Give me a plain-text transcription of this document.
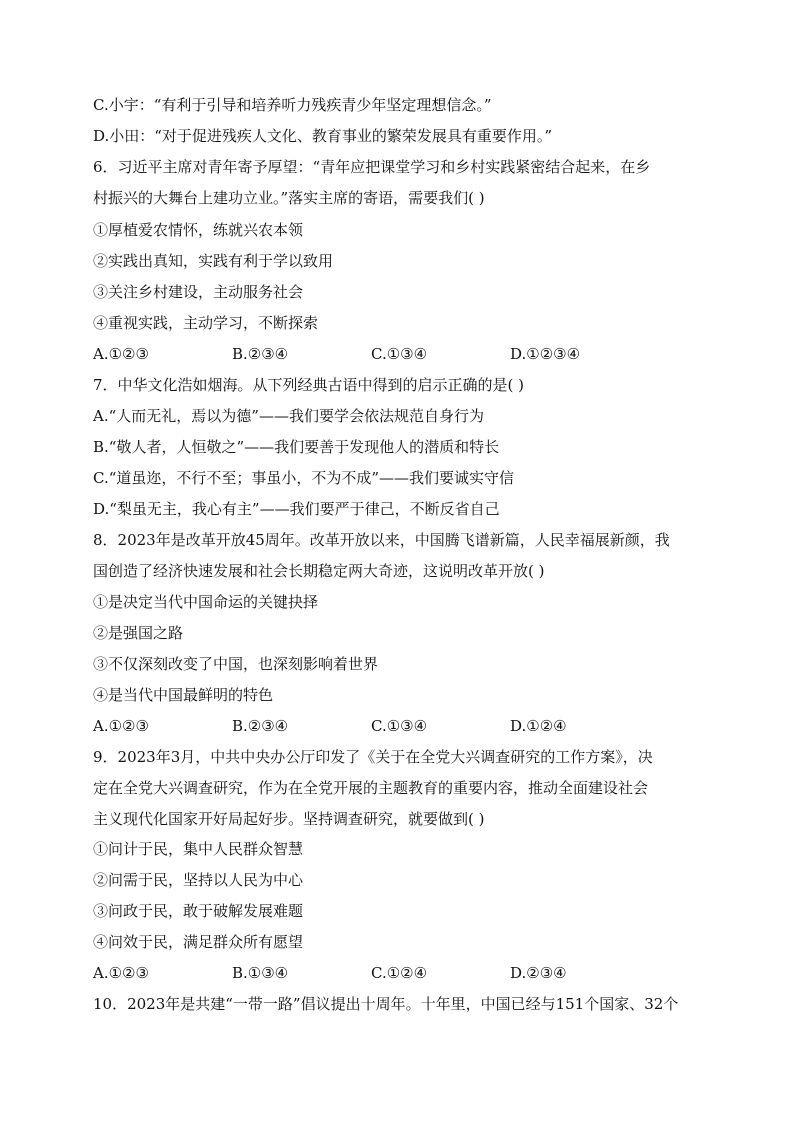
C.小宇：“有利于引导和培养听力残疾青少年坚定理想信念。”
D.小田：“对于促进残疾人文化、教育事业的繁荣发展具有重要作用。”
6．习近平主席对青年寄予厚望：“青年应把课堂学习和乡村实践紧密结合起来，在乡
村振兴的大舞台上建功立业。”落实主席的寄语，需要我们( )
①厚植爱农情怀，练就兴农本领
②实践出真知，实践有利于学以致用
③关注乡村建设，主动服务社会
④重视实践，主动学习，不断探索
A.①②③	B.②③④	C.①③④	D.①②③④
7．中华文化浩如烟海。从下列经典古语中得到的启示正确的是( )
A.“人而无礼，焉以为德”——我们要学会依法规范自身行为
B.“敬人者，人恒敬之”——我们要善于发现他人的潜质和特长
C.“道虽迩，不行不至；事虽小，不为不成”——我们要诚实守信
D.“梨虽无主，我心有主”——我们要严于律己，不断反省自己
8．2023年是改革开放45周年。改革开放以来，中国腾飞谱新篇，人民幸福展新颜，我
国创造了经济快速发展和社会长期稳定两大奇迹，这说明改革开放( )
①是决定当代中国命运的关键抉择
②是强国之路
③不仅深刻改变了中国，也深刻影响着世界
④是当代中国最鲜明的特色
A.①②③	B.②③④	C.①③④	D.①②④
9．2023年3月，中共中央办公厅印发了《关于在全党大兴调查研究的工作方案》，决
定在全党大兴调查研究，作为在全党开展的主题教育的重要内容，推动全面建设社会
主义现代化国家开好局起好步。坚持调查研究，就要做到( )
①问计于民，集中人民群众智慧
②问需于民，坚持以人民为中心
③问政于民，敢于破解发展难题
④问效于民，满足群众所有愿望
A.①②③	B.①③④	C.①②④	D.②③④
10．2023年是共建“一带一路”倡议提出十周年。十年里，中国已经与151个国家、32个
